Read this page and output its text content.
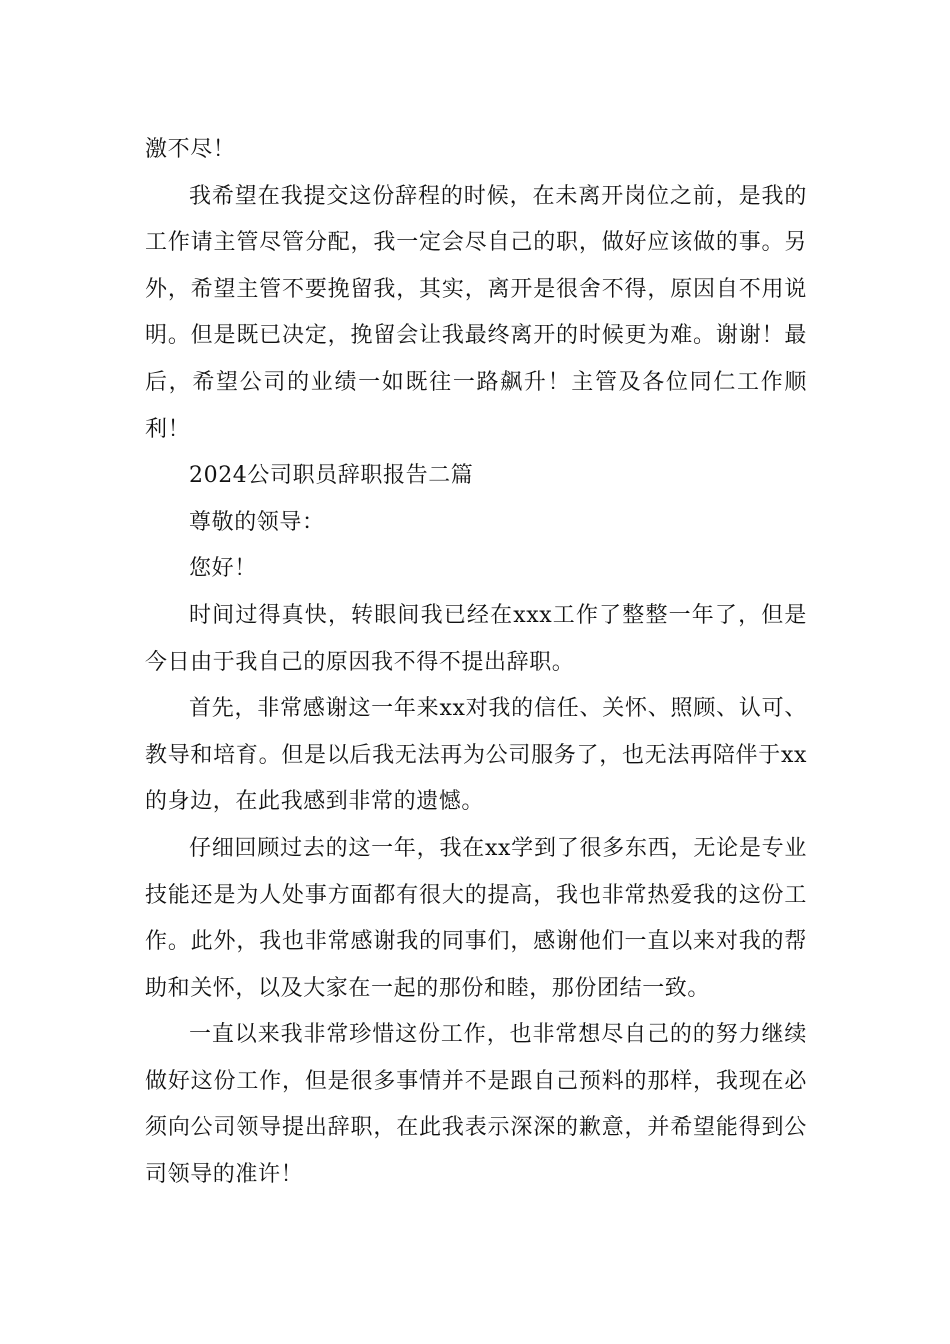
激不尽！

我希望在我提交这份辞程的时候，在未离开岗位之前，是我的工作请主管尽管分配，我一定会尽自己的职，做好应该做的事。另外，希望主管不要挽留我，其实，离开是很舍不得，原因自不用说明。但是既已决定，挽留会让我最终离开的时候更为难。谢谢！最后，希望公司的业绩一如既往一路飙升！主管及各位同仁工作顺利！

2024公司职员辞职报告二篇

尊敬的领导：

您好！

时间过得真快，转眼间我已经在xxx工作了整整一年了，但是今日由于我自己的原因我不得不提出辞职。

首先，非常感谢这一年来xx对我的信任、关怀、照顾、认可、教导和培育。但是以后我无法再为公司服务了，也无法再陪伴于xx的身边，在此我感到非常的遗憾。

仔细回顾过去的这一年，我在xx学到了很多东西，无论是专业技能还是为人处事方面都有很大的提高，我也非常热爱我的这份工作。此外，我也非常感谢我的同事们，感谢他们一直以来对我的帮助和关怀，以及大家在一起的那份和睦，那份团结一致。

一直以来我非常珍惜这份工作，也非常想尽自己的的努力继续做好这份工作，但是很多事情并不是跟自己预料的那样，我现在必须向公司领导提出辞职，在此我表示深深的歉意，并希望能得到公司领导的准许！
